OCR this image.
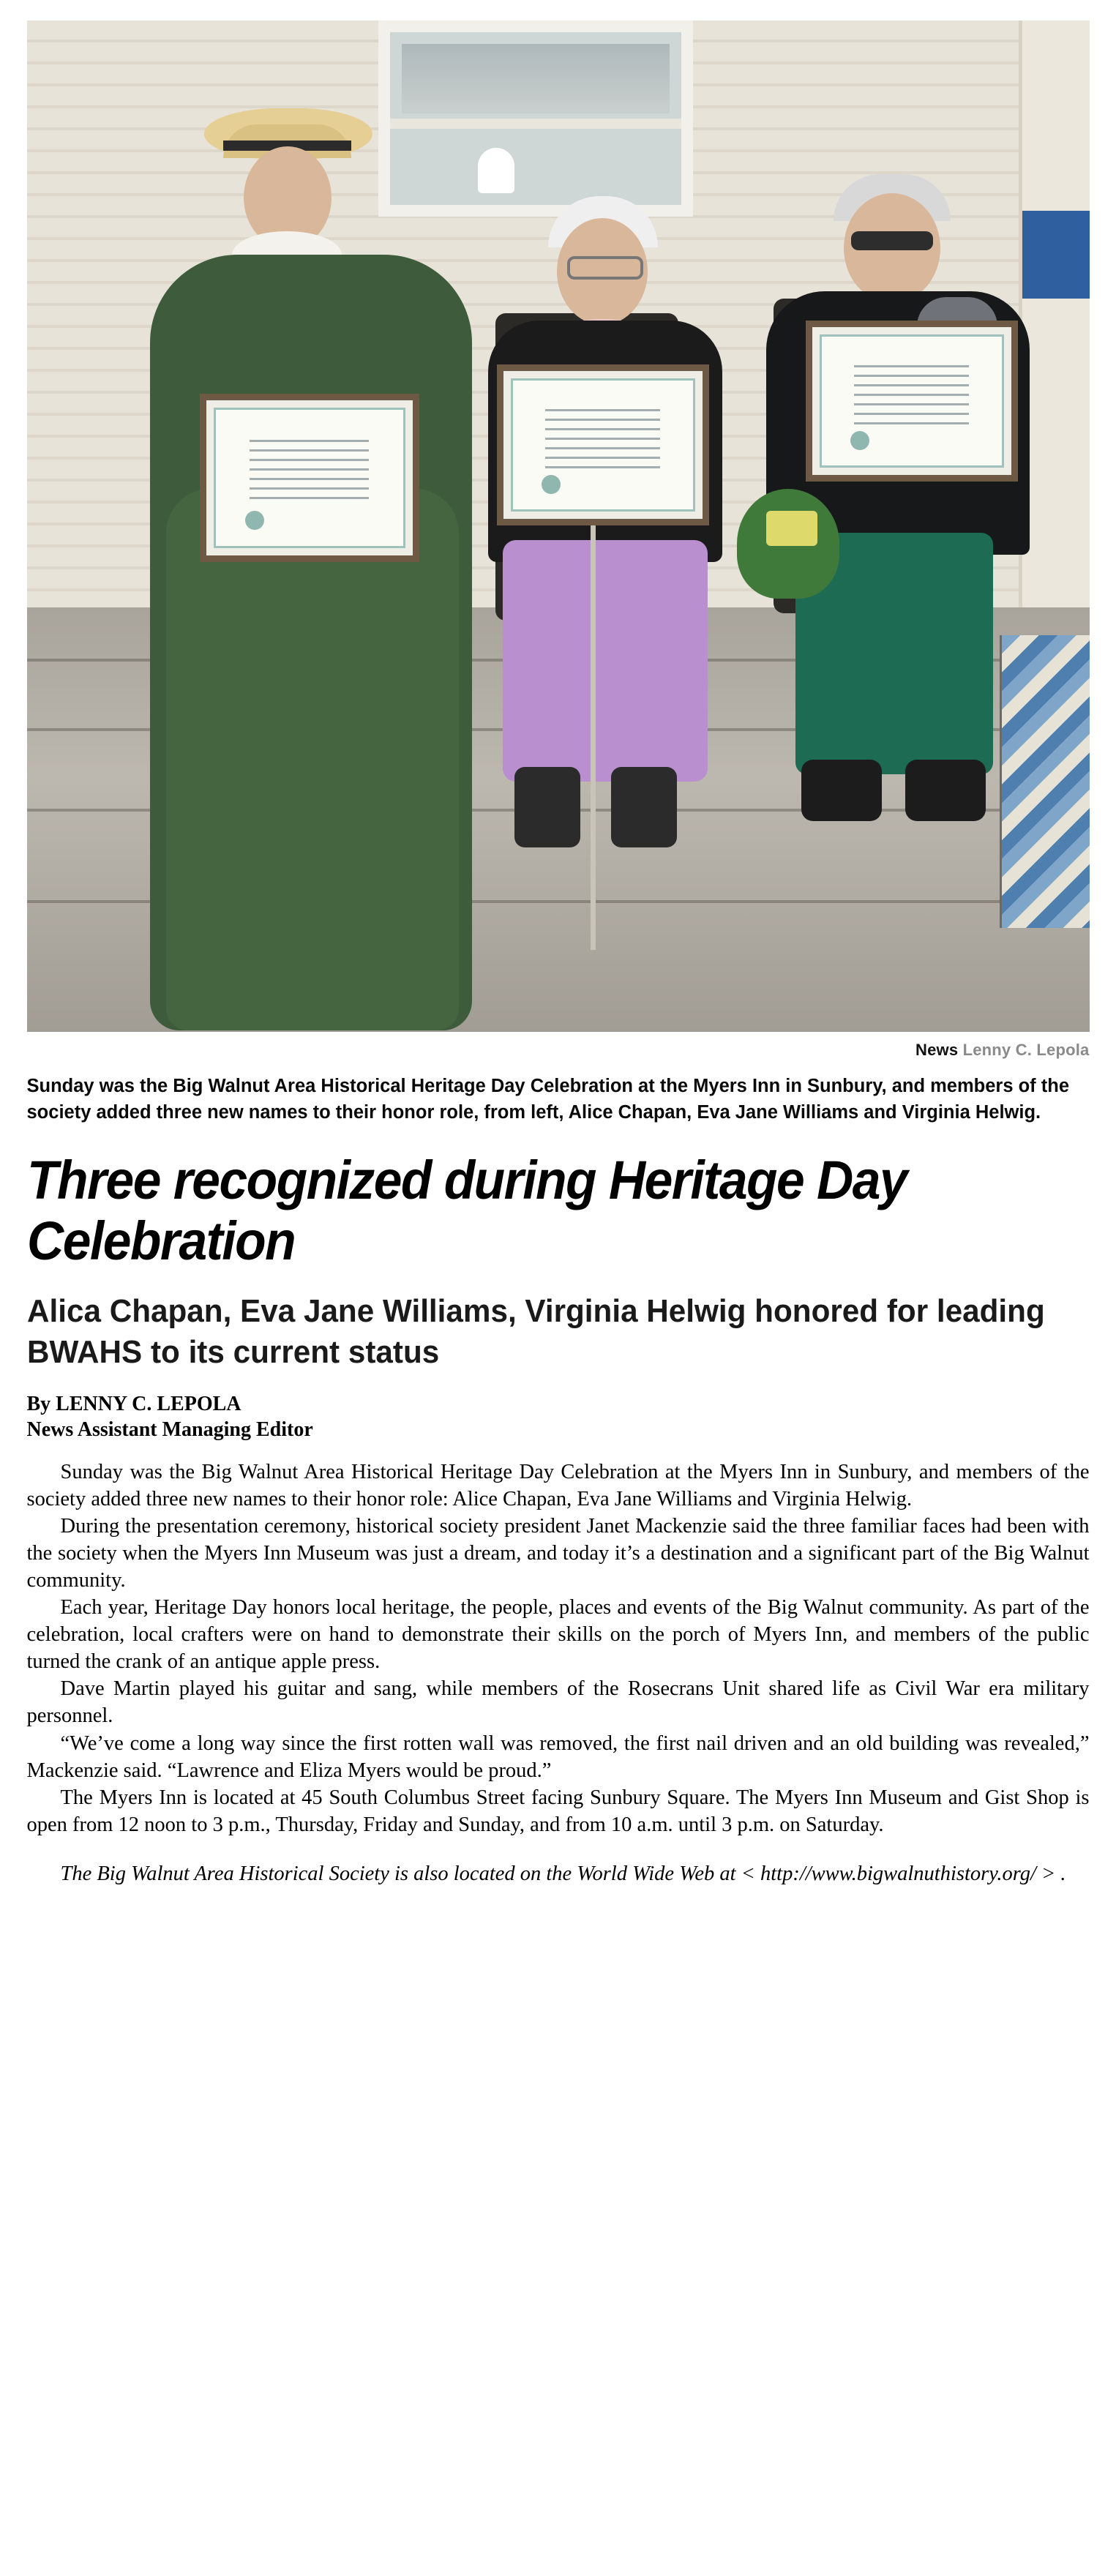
News Lenny C. Lepola
Sunday was the Big Walnut Area Historical Heritage Day Celebration at the Myers Inn in Sunbury, and members of the society added three new names to their honor role, from left, Alice Chapan, Eva Jane Williams and Virginia Helwig.
Three recognized during Heritage Day Celebration
Alica Chapan, Eva Jane Williams, Virginia Helwig honored for leading BWAHS to its current status
By LENNY C. LEPOLA
News Assistant Managing Editor

Sunday was the Big Walnut Area Historical Heritage Day Celebration at the Myers Inn in Sunbury, and members of the society added three new names to their honor role: Alice Chapan, Eva Jane Williams and Virginia Helwig.

During the presentation ceremony, historical society president Janet Mackenzie said the three familiar faces had been with the society when the Myers Inn Museum was just a dream, and today it’s a destination and a significant part of the Big Walnut community.

Each year, Heritage Day honors local heritage, the people, places and events of the Big Walnut community. As part of the celebration, local crafters were on hand to demonstrate their skills on the porch of Myers Inn, and members of the public turned the crank of an antique apple press.

Dave Martin played his guitar and sang, while members of the Rosecrans Unit shared life as Civil War era military personnel.

“We’ve come a long way since the first rotten wall was removed, the first nail driven and an old building was revealed,” Mackenzie said. “Lawrence and Eliza Myers would be proud.”

The Myers Inn is located at 45 South Columbus Street facing Sunbury Square. The Myers Inn Museum and Gist Shop is open from 12 noon to 3 p.m., Thursday, Friday and Sunday, and from 10 a.m. until 3 p.m. on Saturday.

The Big Walnut Area Historical Society is also located on the World Wide Web at < http://www.bigwalnuthistory.org/ > .
